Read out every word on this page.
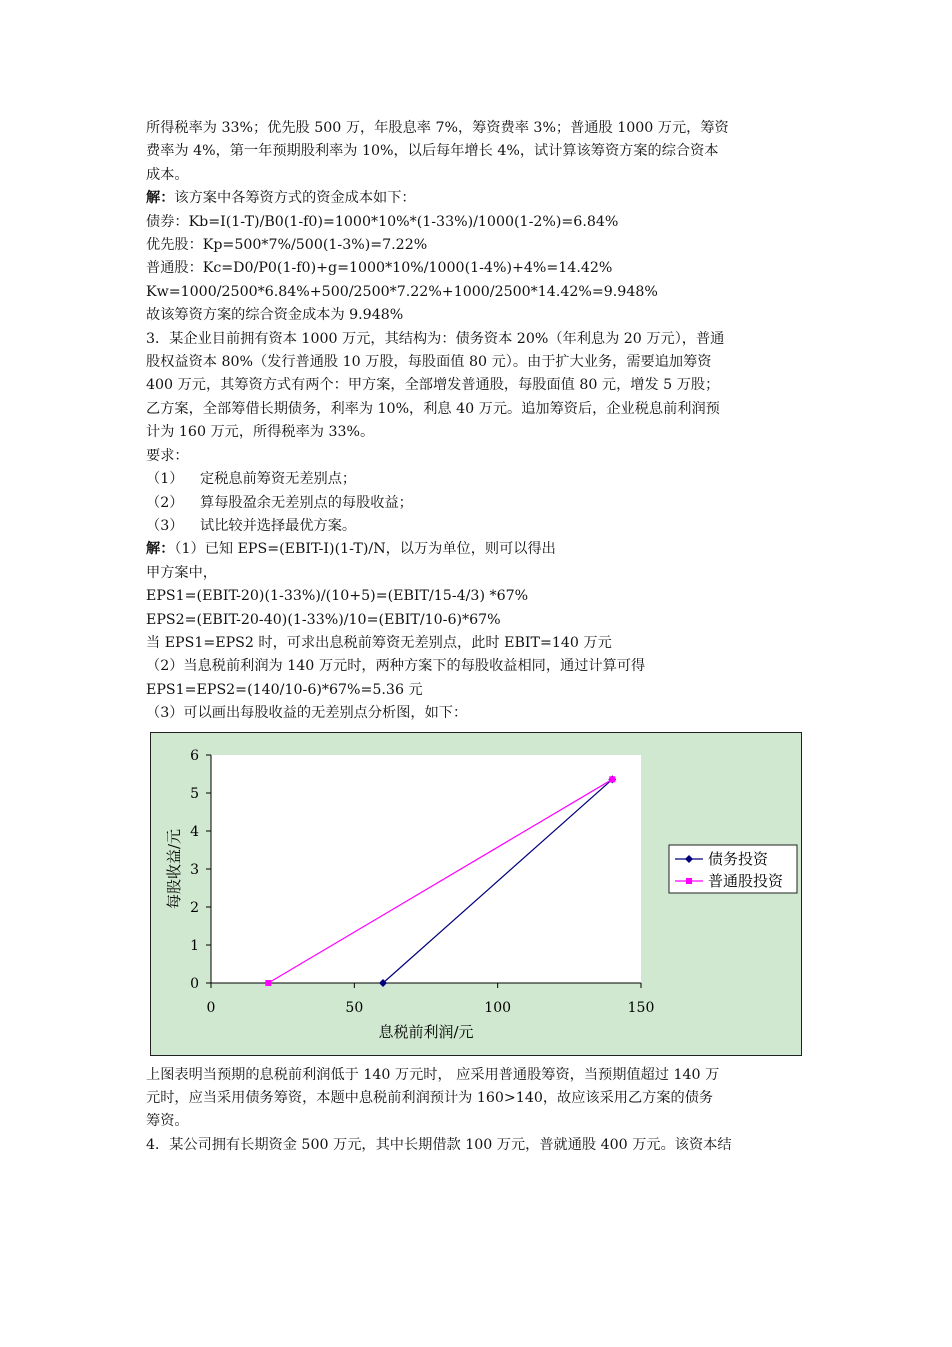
所得税率为 33%；优先股 500 万，年股息率 7%，筹资费率 3%；普通股 1000 万元，筹资

费率为 4%，第一年预期股利率为 10%，以后每年增长 4%，试计算该筹资方案的综合资本

成本。

解：该方案中各筹资方式的资金成本如下：

债券：Kb=I(1-T)/B0(1-f0)=1000*10%*(1-33%)/1000(1-2%)=6.84%

优先股：Kp=500*7%/500(1-3%)=7.22%

普通股：Kc=D0/P0(1-f0)+g=1000*10%/1000(1-4%)+4%=14.42%

Kw=1000/2500*6.84%+500/2500*7.22%+1000/2500*14.42%=9.948%

故该筹资方案的综合资金成本为 9.948%

3．某企业目前拥有资本 1000 万元，其结构为：债务资本 20%（年利息为 20 万元），普通

股权益资本 80%（发行普通股 10 万股，每股面值 80 元）。由于扩大业务，需要追加筹资

400 万元，其筹资方式有两个：甲方案，全部增发普通股，每股面值 80 元，增发 5 万股；

乙方案，全部筹借长期债务，利率为 10%，利息 40 万元。追加筹资后，企业税息前利润预

计为 160 万元，所得税率为 33%。

要求：

（1） 定税息前筹资无差别点；

（2） 算每股盈余无差别点的每股收益；

（3） 试比较并选择最优方案。

解：（1）已知 EPS=(EBIT-I)(1-T)/N，以万为单位，则可以得出

甲方案中，

EPS1=(EBIT-20)(1-33%)/(10+5)=(EBIT/15-4/3) *67%

EPS2=(EBIT-20-40)(1-33%)/10=(EBIT/10-6)*67%

当 EPS1=EPS2 时，可求出息税前筹资无差别点，此时 EBIT=140 万元

（2）当息税前利润为 140 万元时，两种方案下的每股收益相同，通过计算可得

EPS1=EPS2=(140/10-6)*67%=5.36 元

（3）可以画出每股收益的无差别点分析图，如下：

0
1
2
3
4
5
6
0	50	100	150
息税前利润/元
每股收益/元	债务投资
普通股投资

上图表明当预期的息税前利润低于 140 万元时， 应采用普通股筹资，当预期值超过 140 万

元时，应当采用债务筹资，本题中息税前利润预计为 160>140，故应该采用乙方案的债务

筹资。

4．某公司拥有长期资金 500 万元，其中长期借款 100 万元，普就通股 400 万元。该资本结
